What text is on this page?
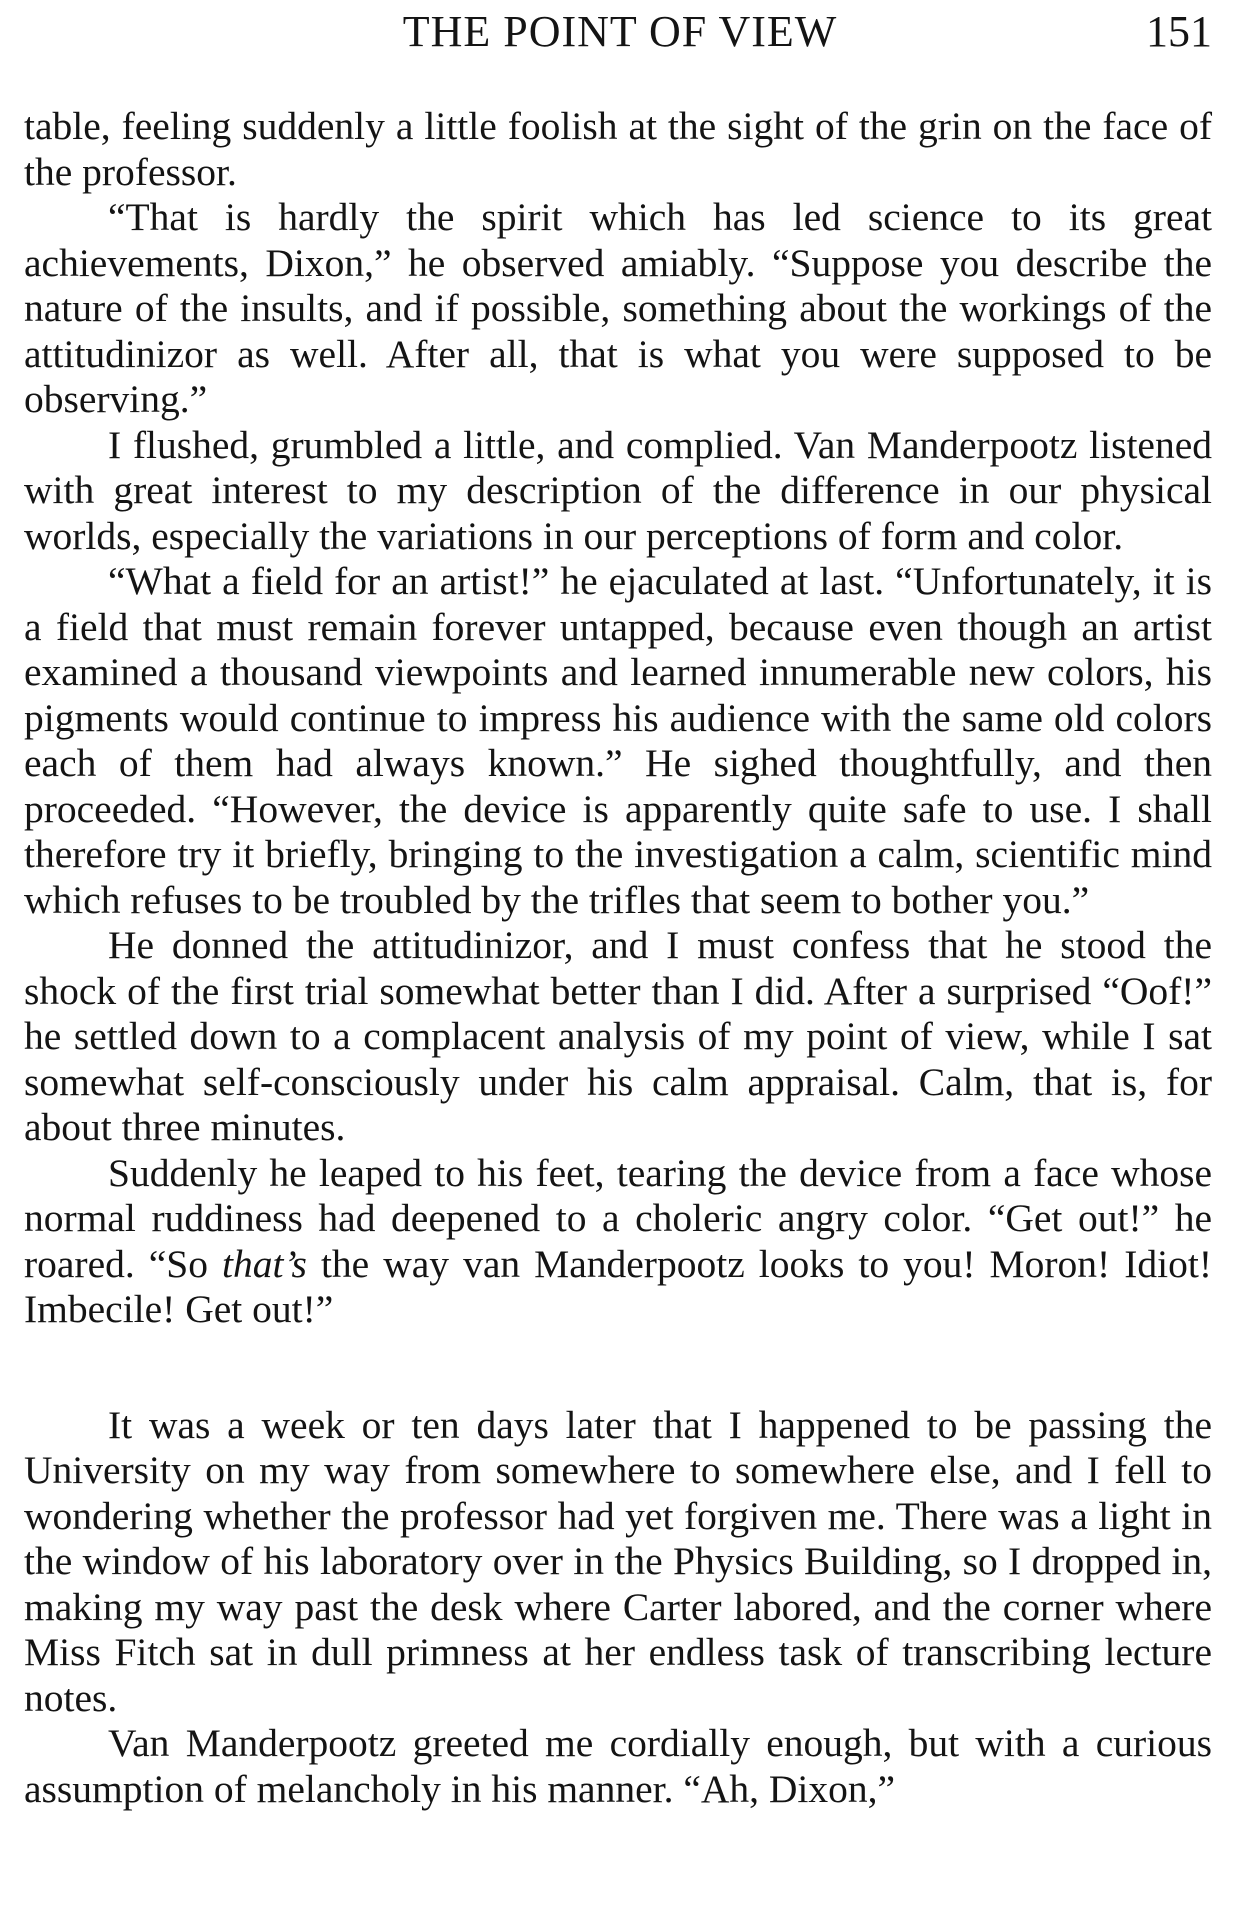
THE POINT OF VIEW	151

table, feeling suddenly a little foolish at the sight of the grin on the face of the professor.

“That is hardly the spirit which has led science to its great achievements, Dixon,” he observed amiably. “Suppose you describe the nature of the insults, and if possible, something about the workings of the attitudinizor as well. After all, that is what you were supposed to be observing.”

I flushed, grumbled a little, and complied. Van Manderpootz listened with great interest to my description of the difference in our physical worlds, especially the variations in our perceptions of form and color.

“What a field for an artist!” he ejaculated at last. “Unfortunately, it is a field that must remain forever untapped, because even though an artist examined a thousand viewpoints and learned innumerable new colors, his pigments would continue to impress his audience with the same old colors each of them had always known.” He sighed thoughtfully, and then proceeded. “However, the device is apparently quite safe to use. I shall therefore try it briefly, bringing to the investigation a calm, scientific mind which refuses to be troubled by the trifles that seem to bother you.”

He donned the attitudinizor, and I must confess that he stood the shock of the first trial somewhat better than I did. After a surprised “Oof!” he settled down to a complacent analysis of my point of view, while I sat somewhat self-consciously under his calm appraisal. Calm, that is, for about three minutes.

Suddenly he leaped to his feet, tearing the device from a face whose normal ruddiness had deepened to a choleric angry color. “Get out!” he roared. “So that’s the way van Manderpootz looks to you! Moron! Idiot! Imbecile! Get out!”

It was a week or ten days later that I happened to be passing the University on my way from somewhere to somewhere else, and I fell to wondering whether the professor had yet forgiven me. There was a light in the window of his laboratory over in the Physics Building, so I dropped in, making my way past the desk where Carter labored, and the corner where Miss Fitch sat in dull primness at her endless task of transcribing lecture notes.

Van Manderpootz greeted me cordially enough, but with a curious assumption of melancholy in his manner. “Ah, Dixon,”
